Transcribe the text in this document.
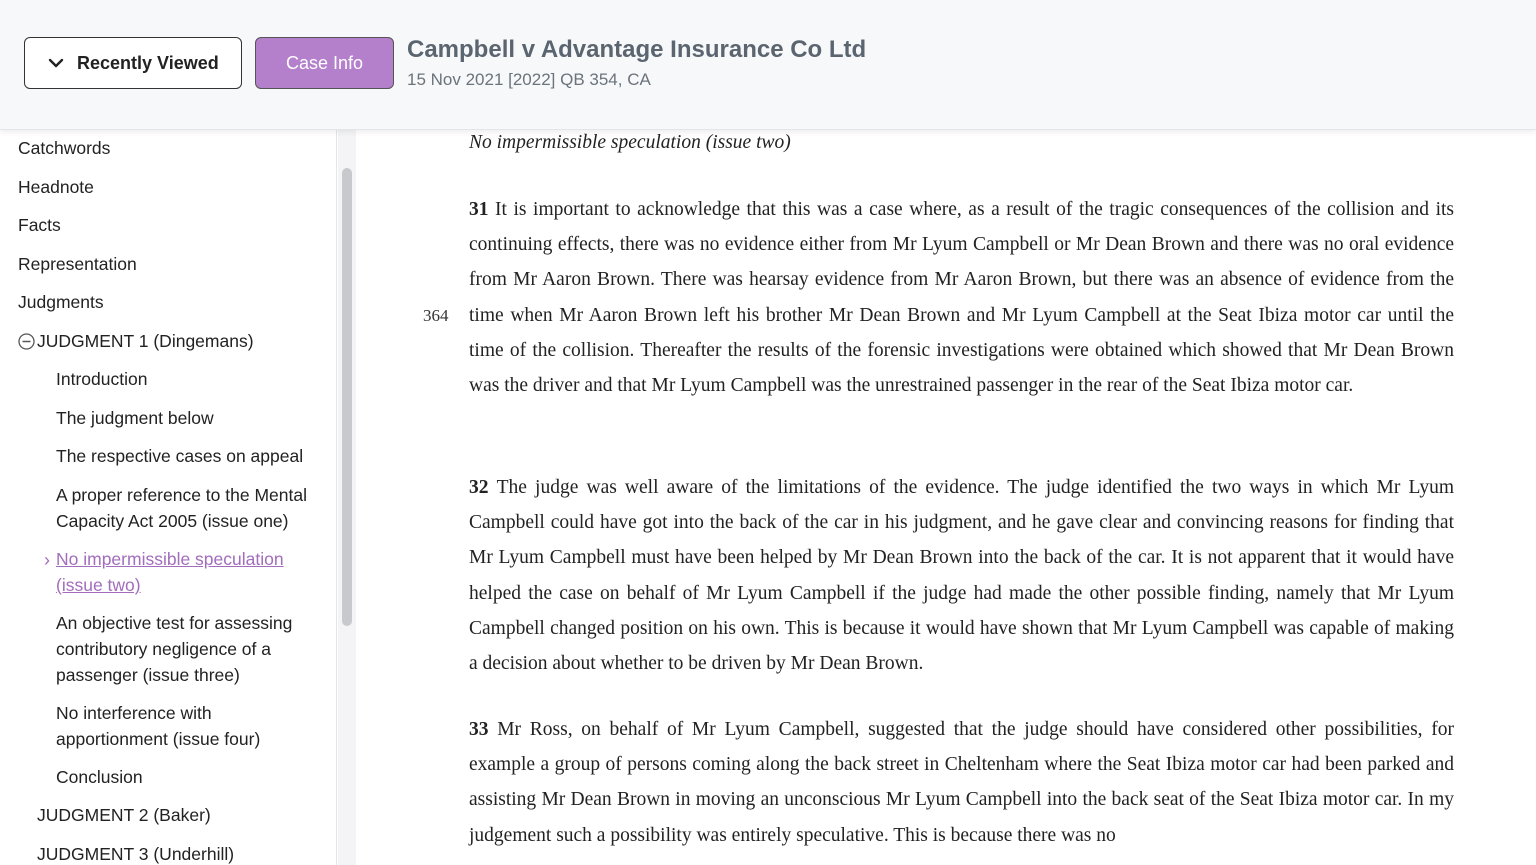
Recently Viewed	Case Info Campbell v Advantage Insurance Co Ltd
15 Nov 2021 [2022] QB 354, CA
Catchwords
Headnote
Facts
Representation
Judgments
JUDGMENT 1 (Dingemans)
Introduction
The judgment below
The respective cases on appeal
A proper reference to the Mental Capacity Act 2005 (issue one)
› No impermissible speculation (issue two)
An objective test for assessing contributory negligence of a passenger (issue three)
No interference with apportionment (issue four)
Conclusion
JUDGMENT 2 (Baker)
JUDGMENT 3 (Underhill)
No impermissible speculation (issue two)
31 It is important to acknowledge that this was a case where, as a result of the tragic consequences of the collision and its continuing effects, there was no evidence either from Mr Lyum Campbell or Mr Dean Brown and there was no oral evidence from Mr Aaron Brown. There was hearsay evidence from Mr Aaron Brown, but there was an absence of evidence from the time when Mr Aaron Brown left his brother Mr Dean Brown and Mr Lyum Campbell at the Seat Ibiza motor car until the time of the collision. Thereafter the results of the forensic investigations were obtained which showed that Mr Dean Brown was the driver and that Mr Lyum Campbell was the unrestrained passenger in the rear of the Seat Ibiza motor car.
364
32 The judge was well aware of the limitations of the evidence. The judge identified the two ways in which Mr Lyum Campbell could have got into the back of the car in his judgment, and he gave clear and convincing reasons for finding that Mr Lyum Campbell must have been helped by Mr Dean Brown into the back of the car. It is not apparent that it would have helped the case on behalf of Mr Lyum Campbell if the judge had made the other possible finding, namely that Mr Lyum Campbell changed position on his own. This is because it would have shown that Mr Lyum Campbell was capable of making a decision about whether to be driven by Mr Dean Brown.
33 Mr Ross, on behalf of Mr Lyum Campbell, suggested that the judge should have considered other possibilities, for example a group of persons coming along the back street in Cheltenham where the Seat Ibiza motor car had been parked and assisting Mr Dean Brown in moving an unconscious Mr Lyum Campbell into the back seat of the Seat Ibiza motor car. In my judgement such a possibility was entirely speculative. This is because there was no
